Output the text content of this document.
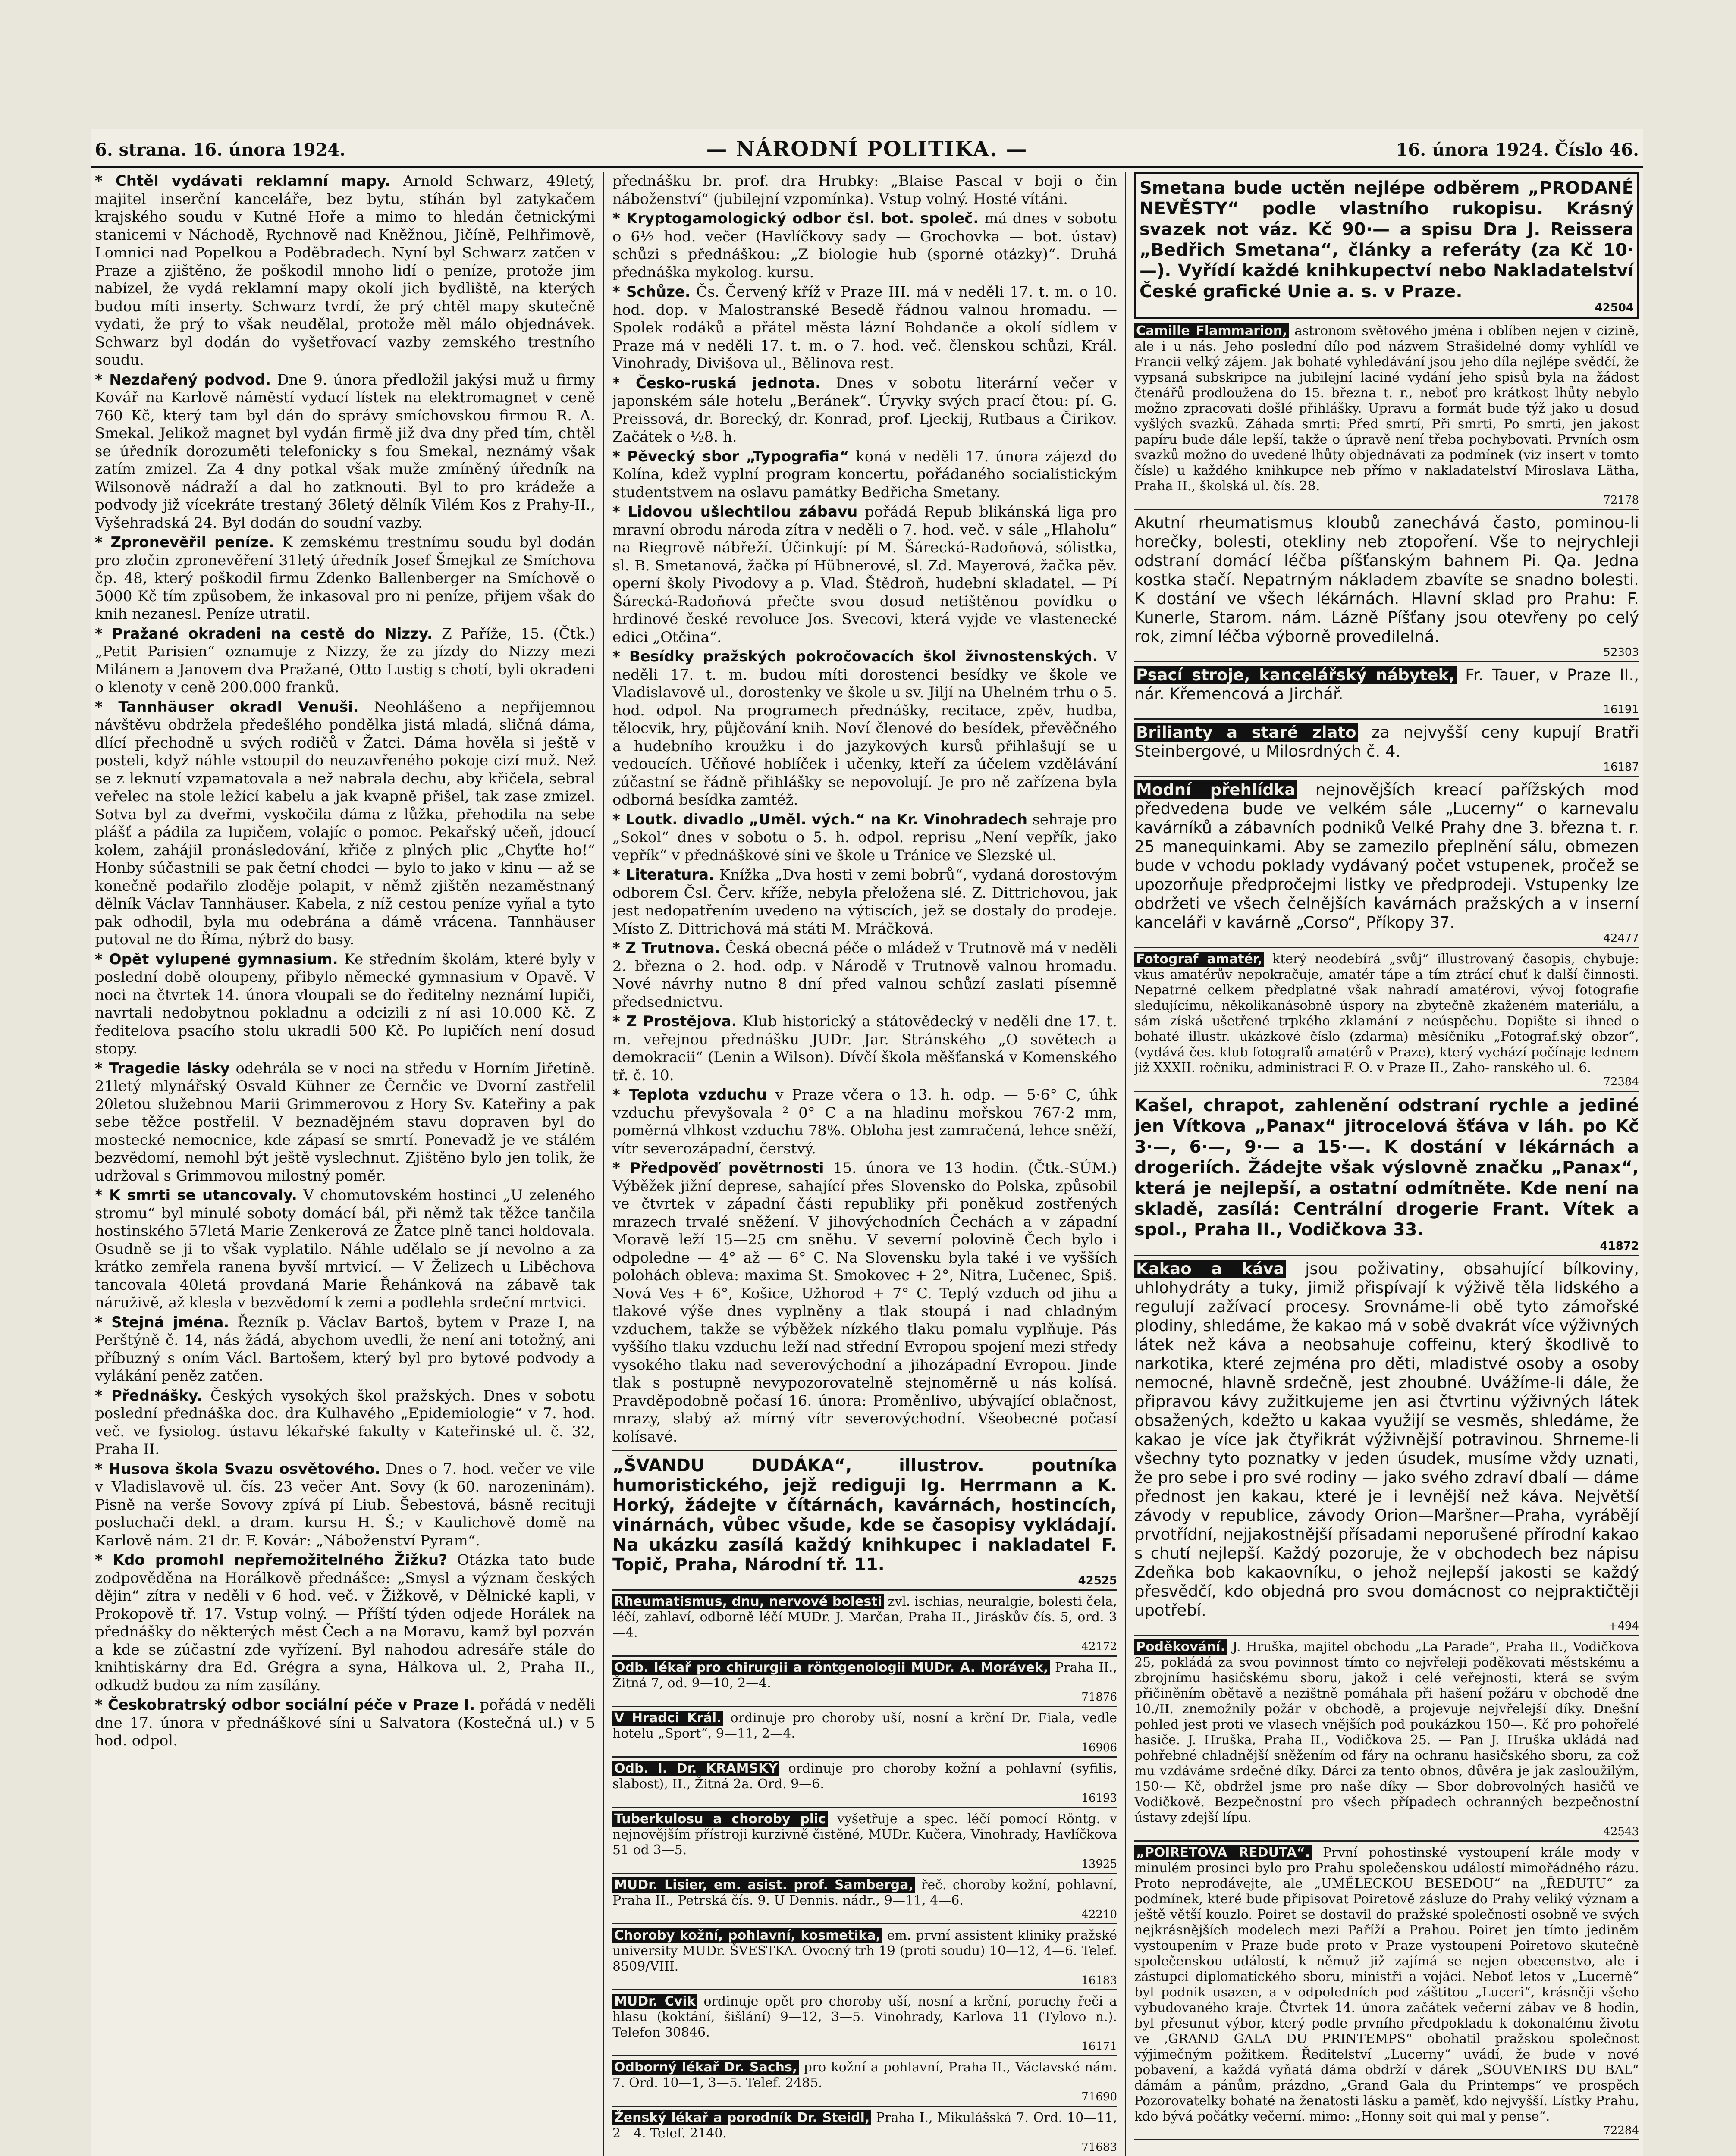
6. strana. 16. února 1924.	— NÁRODNÍ POLITIKA. —	16. února 1924. Číslo 46.

* Chtěl vydávati reklamní mapy. Arnold Schwarz, 49letý, majitel inserční kanceláře, bez bytu, stíhán byl zatykačem krajského soudu v Kutné Hoře a mimo to hledán četnickými stanicemi v Náchodě, Rychnově nad Kněžnou, Jičíně, Pelhřimově, Lomnici nad Popelkou a Poděbradech. Nyní byl Schwarz zatčen v Praze a zjištěno, že poškodil mnoho lidí o peníze, protože jim nabízel, že vydá reklamní mapy okolí jich bydliště, na kterých budou míti inserty. Schwarz tvrdí, že prý chtěl mapy skutečně vydati, že prý to však neudělal, protože měl málo objednávek. Schwarz byl dodán do vyšetřovací vazby zemského trestního soudu.

* Nezdařený podvod. Dne 9. února předložil jakýsi muž u firmy Kovář na Karlově náměstí vydací lístek na elektromagnet v ceně 760 Kč, který tam byl dán do správy smíchovskou firmou R. A. Smekal. Jelikož magnet byl vydán firmě již dva dny před tím, chtěl se úředník dorozuměti telefonicky s fou Smekal, neznámý však zatím zmizel. Za 4 dny potkal však muže zmíněný úředník na Wilsonově nádraží a dal ho zatknouti. Byl to pro krádeže a podvody již vícekráte trestaný 36letý dělník Vilém Kos z Prahy-II., Vyšehradská 24. Byl dodán do soudní vazby.

* Zpronevěřil peníze. K zemskému trestnímu soudu byl dodán pro zločin zpronevěření 31letý úředník Josef Šmejkal ze Smíchova čp. 48, který poškodil firmu Zdenko Ballenberger na Smíchově o 5000 Kč tím způsobem, že inkasoval pro ni peníze, přijem však do knih nezanesl. Peníze utratil.

* Pražané okradeni na cestě do Nizzy. Z Paříže, 15. (Čtk.) „Petit Parisien“ oznamuje z Nizzy, že za jízdy do Nizzy mezi Milánem a Janovem dva Pražané, Otto Lustig s chotí, byli okradeni o klenoty v ceně 200.000 franků.

* Tannhäuser okradl Venuši. Neohlášeno a nepřijemnou návštěvu obdržela předešlého pondělka jistá mladá, sličná dáma, dlící přechodně u svých rodičů v Žatci. Dáma hověla si ještě v posteli, když náhle vstoupil do neuzavřeného pokoje cizí muž. Než se z leknutí vzpamatovala a než nabrala dechu, aby křičela, sebral veřelec na stole ležící kabelu a jak kvapně přišel, tak zase zmizel. Sotva byl za dveřmi, vyskočila dáma z lůžka, přehodila na sebe plášť a pádila za lupičem, volajíc o pomoc. Pekařský učeň, jdoucí kolem, zahájil pronásledování, křiče z plných plic „Chyťte ho!“ Honby súčastnili se pak četní chodci — bylo to jako v kinu — až se konečně podařilo zloděje polapit, v němž zjištěn nezaměstnaný dělník Václav Tannhäuser. Kabela, z níž cestou peníze vyňal a tyto pak odhodil, byla mu odebrána a dámě vrácena. Tannhäuser putoval ne do Říma, nýbrž do basy.

* Opět vylupené gymnasium. Ke středním školám, které byly v poslední době oloupeny, přibylo německé gymnasium v Opavě. V noci na čtvrtek 14. února vloupali se do ředitelny neznámí lupiči, navrtali nedobytnou pokladnu a odcizili z ní asi 10.000 Kč. Z ředitelova psacího stolu ukradli 500 Kč. Po lupičích není dosud stopy.

* Tragedie lásky odehrála se v noci na středu v Horním Jiřetíně. 21letý mlynářský Osvald Kühner ze Černčic ve Dvorní zastřelil 20letou služebnou Marii Grimmerovou z Hory Sv. Kateřiny a pak sebe těžce postřelil. V beznadějném stavu dopraven byl do mostecké nemocnice, kde zápasí se smrtí. Ponevadž je ve stálém bezvědomí, nemohl být ještě vyslechnut. Zjištěno bylo jen tolik, že udržoval s Grimmovou milostný poměr.

* K smrti se utancovaly. V chomutovském hostinci „U zeleného stromu“ byl minulé soboty domácí bál, při němž tak těžce tančila hostinského 57letá Marie Zenkerová ze Žatce plně tanci holdovala. Osudně se ji to však vyplatilo. Náhle udělalo se jí nevolno a za krátko zemřela ranena byvší mrtvicí. — V Želizech u Liběchova tancovala 40letá provdaná Marie Řehánková na zábavě tak náruživě, až klesla v bezvědomí k zemi a podlehla srdeční mrtvici.

* Stejná jména. Řezník p. Václav Bartoš, bytem v Praze I, na Perštýně č. 14, nás žádá, abychom uvedli, že není ani totožný, ani příbuzný s oním Václ. Bartošem, který byl pro bytové podvody a vylákání peněz zatčen.

* Přednášky. Českých vysokých škol pražských. Dnes v sobotu poslední přednáška doc. dra Kulhavého „Epidemiologie“ v 7. hod. več. ve fysiolog. ústavu lékařské fakulty v Kateřinské ul. č. 32, Praha II.

* Husova škola Svazu osvětového. Dnes o 7. hod. večer ve vile v Vladislavově ul. čís. 23 večer Ant. Sovy (k 60. narozeninám). Pisně na verše Sovovy zpívá pí Liub. Šebestová, básně recituji posluchači dekl. a dram. kursu H. Š.; v Kaulichově domě na Karlově nám. 21 dr. F. Kovár: „Náboženství Pyram“.

* Kdo promohl nepřemožitelného Žižku? Otázka tato bude zodpověděna na Horálkově přednášce: „Smysl a význam českých dějin“ zítra v neděli v 6 hod. več. v Žižkově, v Dělnické kapli, v Prokopově tř. 17. Vstup volný. — Příští týden odjede Horálek na přednášky do některých měst Čech a na Moravu, kamž byl pozván a kde se zúčastní zde vyřízení. Byl nahodou adresáře stále do knihtiskárny dra Ed. Grégra a syna, Hálkova ul. 2, Praha II., odkudž budou za ním zasílány.

* Českobratrský odbor sociální péče v Praze I. pořádá v neděli dne 17. února v přednáškové síni u Salvatora (Kostečná ul.) v 5 hod. odpol.

přednášku br. prof. dra Hrubky: „Blaise Pascal v boji o čin náboženství“ (jubilejní vzpomínka). Vstup volný. Hosté vítáni.

* Kryptogamologický odbor čsl. bot. společ. má dnes v sobotu o 6½ hod. večer (Havlíčkovy sady — Grochovka — bot. ústav) schůzi s přednáškou: „Z biologie hub (sporné otázky)“. Druhá přednáška mykolog. kursu.

* Schůze. Čs. Červený kříž v Praze III. má v neděli 17. t. m. o 10. hod. dop. v Malostranské Besedě řádnou valnou hromadu. — Spolek rodáků a přátel města lázní Bohdanče a okolí sídlem v Praze má v neděli 17. t. m. o 7. hod. več. členskou schůzi, Král. Vinohrady, Divišova ul., Bělinova rest.

* Česko-ruská jednota. Dnes v sobotu literární večer v japonském sále hotelu „Beránek“. Úryvky svých prací čtou: pí. G. Preissová, dr. Borecký, dr. Konrad, prof. Ljeckij, Rutbaus a Čirikov. Začátek o ½8. h.

* Pěvecký sbor „Typografia“ koná v neděli 17. února zájezd do Kolína, kdež vyplní program koncertu, pořádaného socialistickým studentstvem na oslavu památky Bedřicha Smetany.

* Lidovou ušlechtilou zábavu pořádá Repub blikánská liga pro mravní obrodu národa zítra v neděli o 7. hod. več. v sále „Hlaholu“ na Riegrově nábřeží. Účinkují: pí M. Šárecká-Radoňová, sólistka, sl. B. Smetanová, žačka pí Hübnerové, sl. Zd. Mayerová, žačka pěv. operní školy Pivodovy a p. Vlad. Štědroň, hudební skladatel. — Pí Šárecká-Radoňová přečte svou dosud netištěnou povídku o hrdinové české revoluce Jos. Svecovi, která vyjde ve vlastenecké edici „Otčina“.

* Besídky pražských pokročovacích škol živnostenských. V neděli 17. t. m. budou míti dorostenci besídky ve škole ve Vladislavově ul., dorostenky ve škole u sv. Jiljí na Uhelném trhu o 5. hod. odpol. Na programech přednášky, recitace, zpěv, hudba, tělocvik, hry, půjčování knih. Noví členové do besídek, převěčného a hudebního kroužku i do jazykových kursů přihlašují se u vedoucích. Učňové hoblíček i učenky, kteří za účelem vzdělávání zúčastní se řádně přihlášky se nepovolují. Je pro ně zařízena byla odborná besídka zamtéž.

* Loutk. divadlo „Uměl. vých.“ na Kr. Vinohradech sehraje pro „Sokol“ dnes v sobotu o 5. h. odpol. reprisu „Není vepřík, jako vepřík“ v přednáškové síni ve škole u Tránice ve Slezské ul.

* Literatura. Knížka „Dva hosti v zemi bobrů“, vydaná dorostovým odborem Čsl. Červ. kříže, nebyla přeložena slé. Z. Dittrichovou, jak jest nedopatřením uvedeno na výtiscích, jež se dostaly do prodeje. Místo Z. Dittrichová má státi M. Mráčková.

* Z Trutnova. Česká obecná péče o mládež v Trutnově má v neděli 2. března o 2. hod. odp. v Národě v Trutnově valnou hromadu. Nové návrhy nutno 8 dní před valnou schůzí zaslati písemně předsednictvu.

* Z Prostějova. Klub historický a státovědecký v neděli dne 17. t. m. veřejnou přednášku JUDr. Jar. Stránského „O sovětech a demokracii“ (Lenin a Wilson). Dívčí škola měšťanská v Komenského tř. č. 10.

* Teplota vzduchu v Praze včera o 13. h. odp. — 5·6° C, úhk vzduchu převyšovala ² 0° C a na hladinu mořskou 767·2 mm, poměrná vlhkost vzduchu 78%. Obloha jest zamračená, lehce sněží, vítr severozápadní, čerstvý.

* Předpověď povětrnosti 15. února ve 13 hodin. (Čtk.-SÚM.) Výběžek jižní deprese, sahající přes Slovensko do Polska, způsobil ve čtvrtek v západní části republiky při poněkud zostřených mrazech trvalé sněžení. V jihovýchodních Čechách a v západní Moravě leží 15—25 cm sněhu. V severní polovině Čech bylo i odpoledne — 4° až — 6° C. Na Slovensku byla také i ve vyšších polohách obleva: maxima St. Smokovec + 2°, Nitra, Lučenec, Spiš. Nová Ves + 6°, Košice, Užhorod + 7° C. Teplý vzduch od jihu a tlakové výše dnes vyplněny a tlak stoupá i nad chladným vzduchem, takže se výběžek nízkého tlaku pomalu vyplňuje. Pás vyššího tlaku vzduchu leží nad střední Evropou spojení mezi středy vysokého tlaku nad severovýchodní a jihozápadní Evropou. Jinde tlak s postupně nevypozorovatelně stejnoměrně u nás kolísá. Pravděpodobně počasí 16. února: Proměnlivo, ubývající oblačnost, mrazy, slabý až mírný vítr severovýchodní. Všeobecné počasí kolísavé.

„ŠVANDU DUDÁKA“, illustrov. poutníka humoristického, jejž rediguji Ig. Herrmann a K. Horký, žádejte v čítárnách, kavárnách, hostincích, vinárnách, vůbec všude, kde se časopisy vykládají. Na ukázku zasílá každý knihkupec i nakladatel F. Topič, Praha, Národní tř. 11.
42525
Rheumatismus, dnu, nervové bolesti zvl. ischias, neuralgie, bolesti čela, léčí, zahlaví, odborně léčí MUDr. J. Marčan, Praha II., Jiráskův čís. 5, ord. 3—4.
42172
Odb. lékař pro chirurgii a röntgenologii MUDr. A. Morávek, Praha II., Žitná 7, od. 9—10, 2—4.
71876
V Hradci Král. ordinuje pro choroby uší, nosní a krční Dr. Fiala, vedle hotelu „Sport“, 9—11, 2—4.
16906
Odb. l. Dr. KRAMSKÝ ordinuje pro choroby kožní a pohlavní (syfilis, slabost), II., Žitná 2a. Ord. 9—6.
16193
Tuberkulosu a choroby plic vyšetřuje a spec. léčí pomocí Röntg. v nejnovějším přístroji kurzivně čistěné, MUDr. Kučera, Vinohrady, Havlíčkova 51 od 3—5.
13925
MUDr. Lisier, em. asist. prof. Samberga, řeč. choroby kožní, pohlavní, Praha II., Petrská čís. 9. U Dennis. nádr., 9—11, 4—6.
42210
Choroby kožní, pohlavní, kosmetika, em. první assistent kliniky pražské university MUDr. ŠVESTKA. Ovocný trh 19 (proti soudu) 10—12, 4—6. Telef. 8509/VIII.
16183
MUDr. Cvik ordinuje opět pro choroby uší, nosní a krční, poruchy řeči a hlasu (koktání, šišlání) 9—12, 3—5. Vinohrady, Karlova 11 (Tylovo n.). Telefon 30846.
16171
Odborný lékař Dr. Sachs, pro kožní a pohlavní, Praha II., Václavské nám. 7. Ord. 10—1, 3—5. Telef. 2485.
71690
Ženský lékař a porodník Dr. Steidl, Praha I., Mikulášská 7. Ord. 10—11, 2—4. Telef. 2140.
71683
Smetana bude uctěn nejlépe odběrem „PRODANÉ NEVĚSTY“ podle vlastního rukopisu. Krásný svazek not váz. Kč 90·— a spisu Dra J. Reissera „Bedřich Smetana“, články a referáty (za Kč 10·—). Vyřídí každé knihkupectví nebo Nakladatelství České grafické Unie a. s. v Praze.
42504
Camille Flammarion, astronom světového jména i oblíben nejen v cizině, ale i u nás. Jeho poslední dílo pod názvem Strašidelné domy vyhlídl ve Francii velký zájem. Jak bohaté vyhledávání jsou jeho díla nejlépe svědčí, že vypsaná subskripce na jubilejní laciné vydání jeho spisů byla na žádost čtenářů prodloužena do 15. března t. r., neboť pro krátkost lhůty nebylo možno zpracovati došlé přihlášky. Upravu a formát bude týž jako u dosud vyšlých svazků. Záhada smrti: Před smrtí, Při smrti, Po smrti, jen jakost papíru bude dále lepší, takže o úpravě není třeba pochybovati. Prvních osm svazků možno do uvedené lhůty objednávati za podmínek (viz insert v tomto čísle) u každého knihkupce neb přímo v nakladatelství Miroslava Lätha, Praha II., školská ul. čís. 28.
72178
Akutní rheumatismus kloubů zanechává často, pominou-li horečky, bolesti, otekliny neb ztopoření. Vše to nejrychleji odstraní domácí léčba píšťanským bahnem Pi. Qa. Jedna kostka stačí. Nepatrným nákladem zbavíte se snadno bolesti. K dostání ve všech lékárnách. Hlavní sklad pro Prahu: F. Kunerle, Starom. nám. Lázně Píšťany jsou otevřeny po celý rok, zimní léčba výborně provedilelná.
52303
Psací stroje, kancelářský nábytek, Fr. Tauer, v Praze II., nár. Křemencová a Jirchář.
16191
Brilianty a staré zlato za nejvyšší ceny kupují Bratři Steinbergové, u Milosrdných č. 4.
16187
Modní přehlídka nejnovějších kreací pařížských mod předvedena bude ve velkém sále „Lucerny“ o karnevalu kavárníků a zábavních podniků Velké Prahy dne 3. března t. r. 25 manequinkami. Aby se zamezilo přeplnění sálu, obmezen bude v vchodu poklady vydávaný počet vstupenek, pročež se upozorňuje předpročejmi listky ve předprodeji. Vstupenky lze obdržeti ve všech čelnějších kavárnách pražských a v inserní kanceláři v kavárně „Corso“, Příkopy 37.
42477
Fotograf amatér, který neodebírá „svůj“ illustrovaný časopis, chybuje: vkus amatérův nepokračuje, amatér tápe a tím ztrácí chuť k další činnosti. Nepatrné celkem předplatné však nahradí amatérovi, vývoj fotografie sledujícímu, několikanásobně úspory na zbytečně zkaženém materiálu, a sám získá ušetřené trpkého zklamání z neúspěchu. Dopište si ihned o bohaté illustr. ukázkové číslo (zdarma) měsíčníku „Fotograf.ský obzor“, (vydává čes. klub fotografů amatérů v Praze), který vychází počínaje lednem již XXXII. ročníku, administraci F. O. v Praze II., Zaho- ranského ul. 6.
72384
Kašel, chrapot, zahlenění odstraní rychle a jediné jen Vítkova „Panax“ jitrocelová šťáva v láh. po Kč 3·—, 6·—, 9·— a 15·—. K dostání v lékárnách a drogeriích. Žádejte však výslovně značku „Panax“, která je nejlepší, a ostatní odmítněte. Kde není na skladě, zasílá: Centrální drogerie Frant. Vítek a spol., Praha II., Vodičkova 33.
41872
Kakao a káva jsou poživatiny, obsahující bílkoviny, uhlohydráty a tuky, jimiž přispívají k výživě těla lidského a regulují zažívací procesy. Srovnáme-li obě tyto zámořské plodiny, shledáme, že kakao má v sobě dvakrát více výživných látek než káva a neobsahuje coffeinu, který škodlivě to narkotika, které zejména pro děti, mladistvé osoby a osoby nemocné, hlavně srdečně, jest zhoubné. Uvážíme-li dále, že připravou kávy zužitkujeme jen asi čtvrtinu výživných látek obsažených, kdežto u kakaa využijí se vesměs, shledáme, že kakao je více jak čtyřikrát výživnější potravinou. Shrneme-li všechny tyto poznatky v jeden úsudek, musíme vždy uznati, že pro sebe i pro své rodiny — jako svého zdraví dbalí — dáme přednost jen kakau, které je i levnější než káva. Největší závody v republice, závody Orion—Maršner—Praha, vyrábějí prvotřídní, nejjakostnější přísadami neporušené přírodní kakao s chutí nejlepší. Každý pozoruje, že v obchodech bez nápisu Zdeňka bob kakaovníku, o jehož nejlepší jakosti se každý přesvědčí, kdo objedná pro svou domácnost co nejpraktičtěji upotřebí.
+494
Poděkování. J. Hruška, majitel obchodu „La Parade“, Praha II., Vodičkova 25, pokládá za svou povinnost tímto co nejvřeleji poděkovati městskému a zbrojnímu hasičskému sboru, jakož i celé veřejnosti, která se svým přičiněním obětavě a nezištně pomáhala při hašení požáru v obchodě dne 10./II. znemožnily požár v obchodě, a projevuje nejvřelejší díky. Dnešní pohled jest proti ve vlasech vnějších pod poukázkou 150—. Kč pro pohořelé hasiče. J. Hruška, Praha II., Vodičkova 25. — Pan J. Hruška ukládá nad pohřebné chladnější sněžením od fáry na ochranu hasičského sboru, za což mu vzdáváme srdečné díky. Dárci za tento obnos, důvěra je jak zasloužilým, 150·— Kč, obdržel jsme pro naše díky — Sbor dobrovolných hasičů ve Vodičkově. Bezpečnostní pro všech případech ochranných bezpečnostní ústavy zdejší lípu.
42543
„POIRETOVA REDUTA“. První pohostinské vystoupení krále mody v minulém prosinci bylo pro Prahu společenskou událostí mimořádného rázu. Proto neprodávejte, ale „UMĚLECKOU BESEDOU“ na „ŘEDUTU“ za podmínek, které bude připisovat Poiretově zásluze do Prahy veliký význam a ještě větší kouzlo. Poiret se dostavil do pražské společnosti osobně ve svých nejkrásnějších modelech mezi Paříží a Prahou. Poiret jen tímto jediněm vystoupením v Praze bude proto v Praze vystoupení Poiretovo skutečně společenskou událostí, k němuž již zajímá se nejen obecenstvo, ale i zástupci diplomatického sboru, ministři a vojáci. Neboť letos v „Lucerně“ byl podnik usazen, a v odpoledních pod záštitou „Luceri“, krásněji všeho vybudovaného kraje. Čtvrtek 14. února začátek večerní zábav ve 8 hodin, byl přesunut výbor, který podle prvního předpokladu k dokonalému životu ve ‚GRAND GALA DU PRINTEMPS“ obohatil pražskou společnost výjimečným požitkem. Ředitelství „Lucerny“ uvádí, že bude v nové pobavení, a každá vyňatá dáma obdrží v dárek „SOUVENIRS DU BAL“ dámám a pánům, prázdno, „Grand Gala du Printemps“ ve prospěch Pozorovatelky bohaté na ženatosti lásku a paměť, kdo nejvyšší. Lístky Prahu, kdo bývá počátky večerní. mimo: „Honny soit qui mal y pense“.
72284
